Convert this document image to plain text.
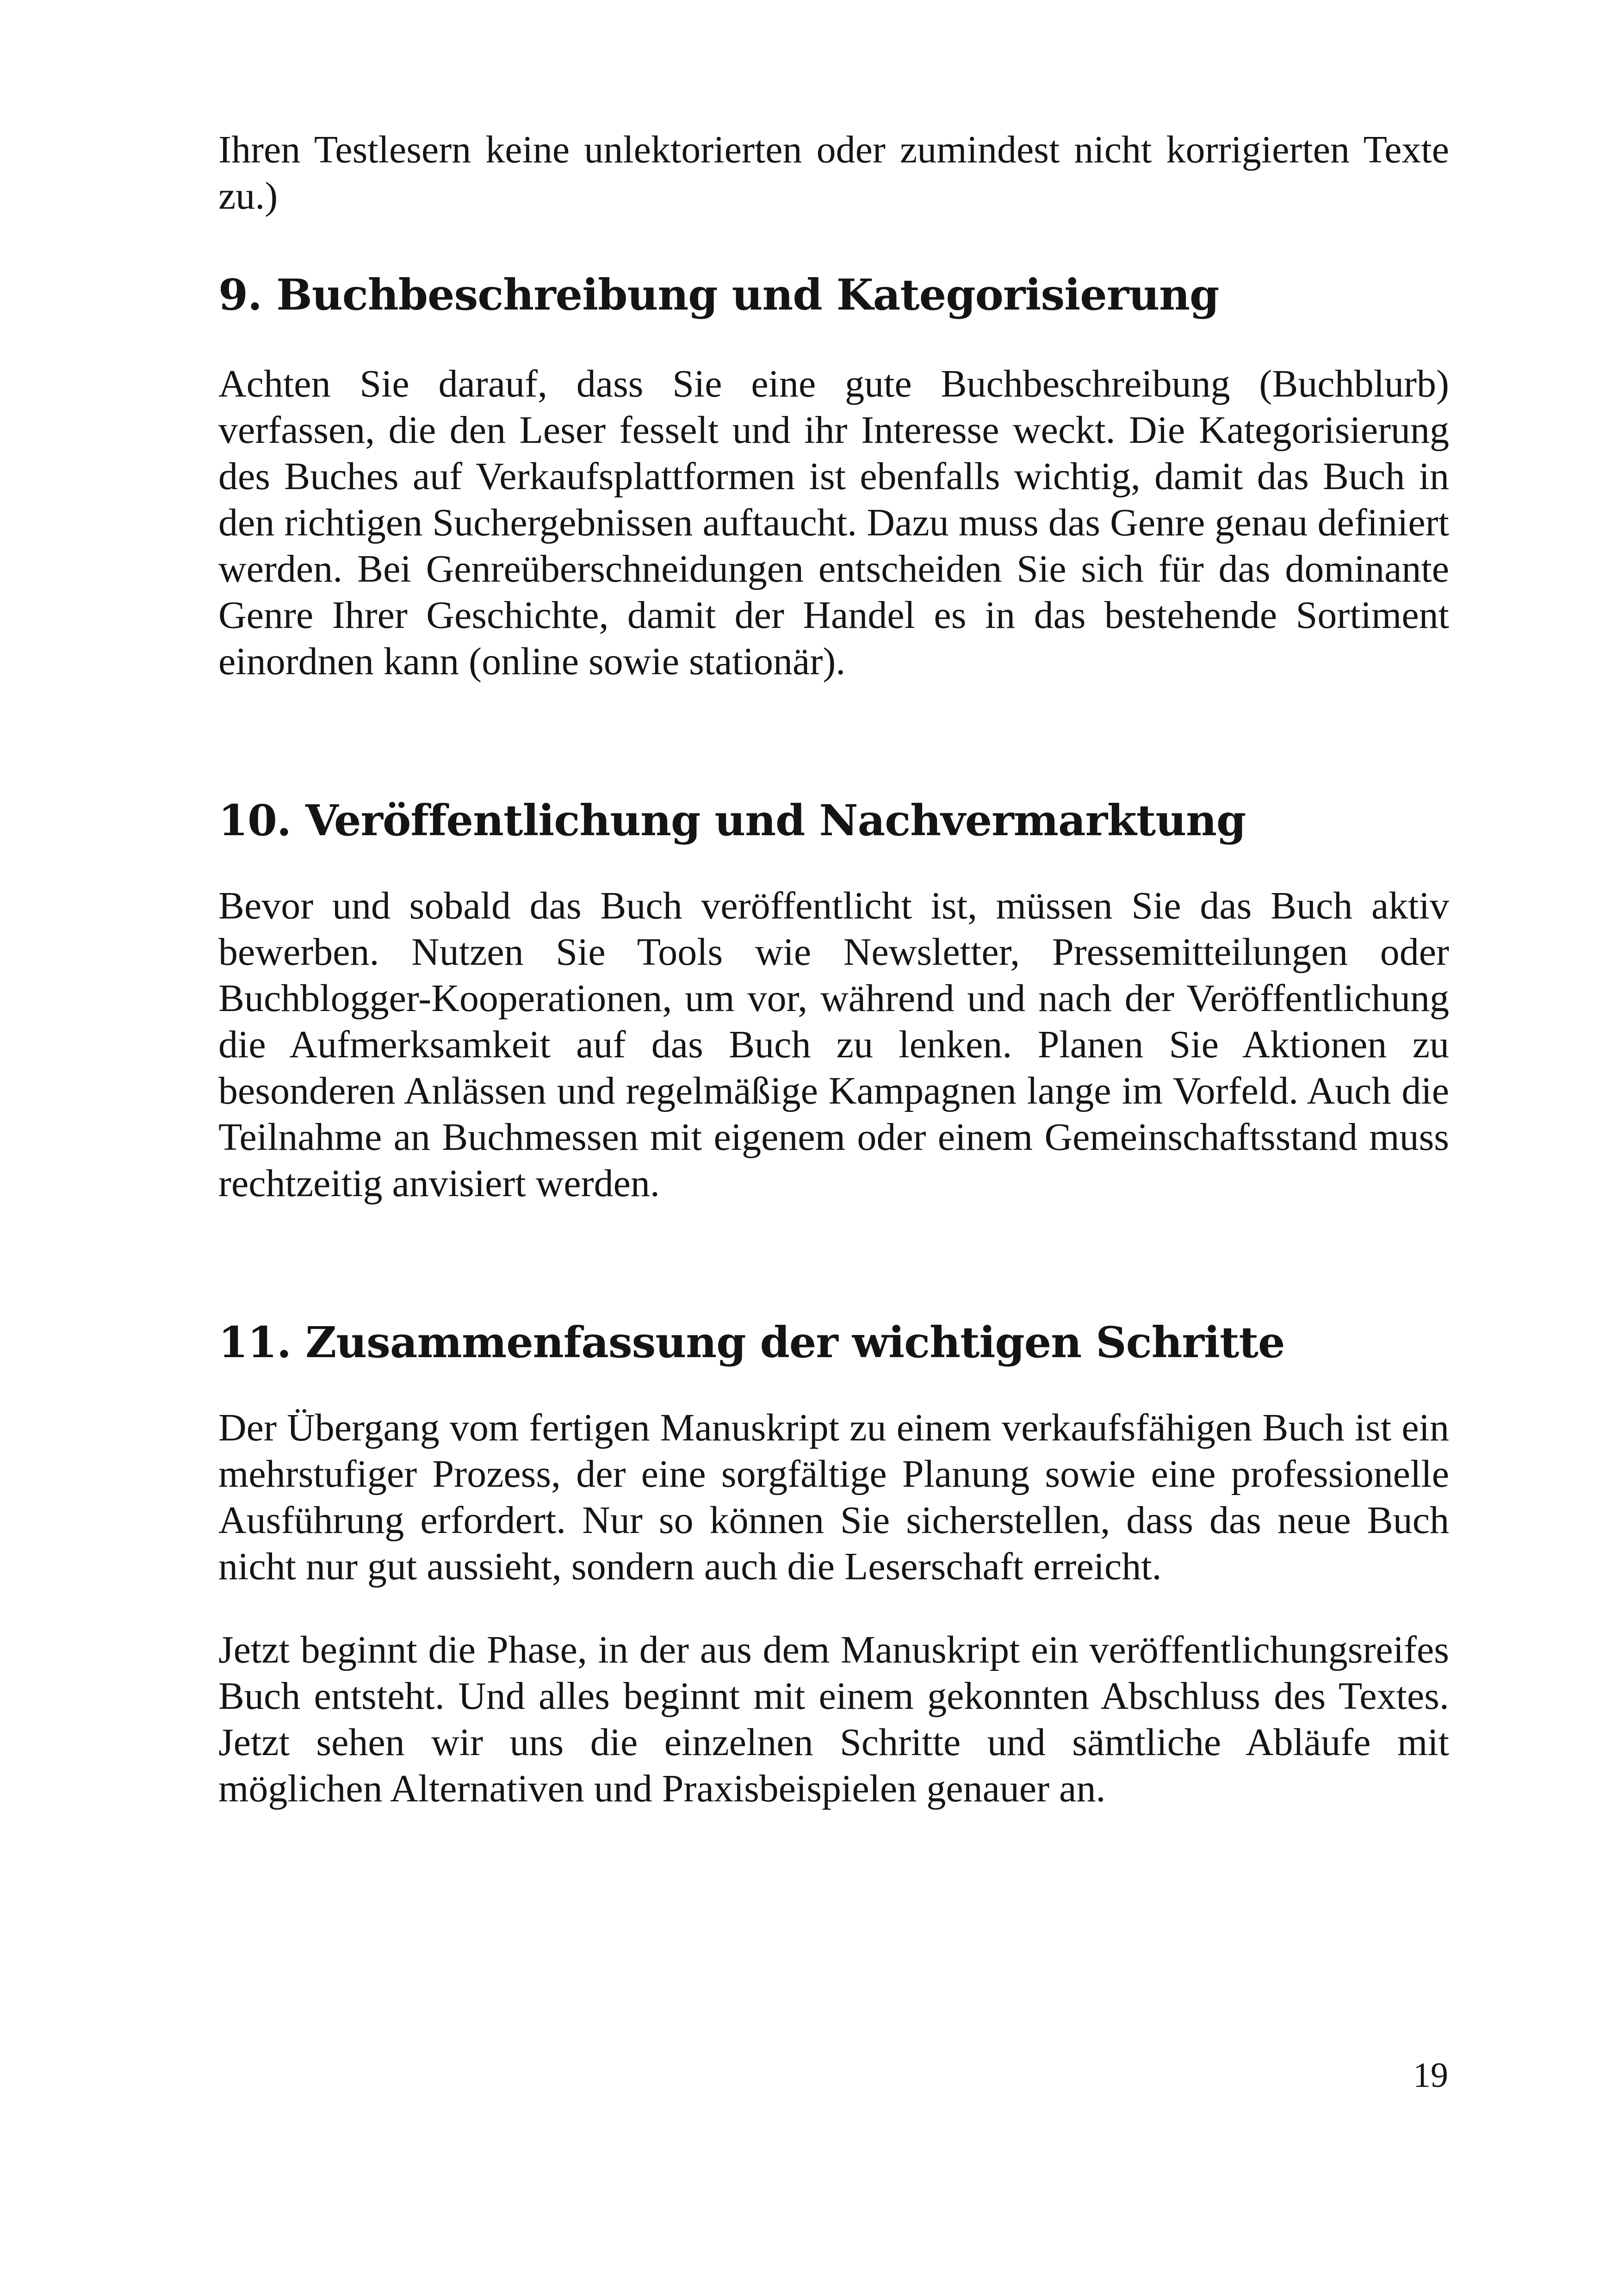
Ihren Testlesern keine unlektorierten oder zumindest nicht korrigierten Texte zu.)

9. Buchbeschreibung und Kategorisierung

Achten Sie darauf, dass Sie eine gute Buchbeschreibung (Buchblurb) verfassen, die den Leser fesselt und ihr Interesse weckt. Die Kategorisierung des Buches auf Verkaufsplattformen ist ebenfalls wichtig, damit das Buch in den richtigen Suchergebnissen auftaucht. Dazu muss das Genre genau definiert werden. Bei Genreüberschneidungen entscheiden Sie sich für das dominante Genre Ihrer Geschichte, damit der Handel es in das bestehende Sortiment einordnen kann (online sowie stationär).

10. Veröffentlichung und Nachvermarktung

Bevor und sobald das Buch veröffentlicht ist, müssen Sie das Buch aktiv bewerben. Nutzen Sie Tools wie Newsletter, Pressemitteilungen oder Buchblogger-Kooperationen, um vor, während und nach der Veröffentlichung die Aufmerksamkeit auf das Buch zu lenken. Planen Sie Aktionen zu besonderen Anlässen und regelmäßige Kampagnen lange im Vorfeld. Auch die Teilnahme an Buchmessen mit eigenem oder einem Gemeinschaftsstand muss rechtzeitig anvisiert werden.

11. Zusammenfassung der wichtigen Schritte

Der Übergang vom fertigen Manuskript zu einem verkaufsfähigen Buch ist ein mehrstufiger Prozess, der eine sorgfältige Planung sowie eine professionelle Ausführung erfordert. Nur so können Sie sicherstellen, dass das neue Buch nicht nur gut aussieht, sondern auch die Leserschaft erreicht.

Jetzt beginnt die Phase, in der aus dem Manuskript ein veröffentlichungsreifes Buch entsteht. Und alles beginnt mit einem gekonnten Abschluss des Textes. Jetzt sehen wir uns die einzelnen Schritte und sämtliche Abläufe mit möglichen Alternativen und Praxisbeispielen genauer an.

19
